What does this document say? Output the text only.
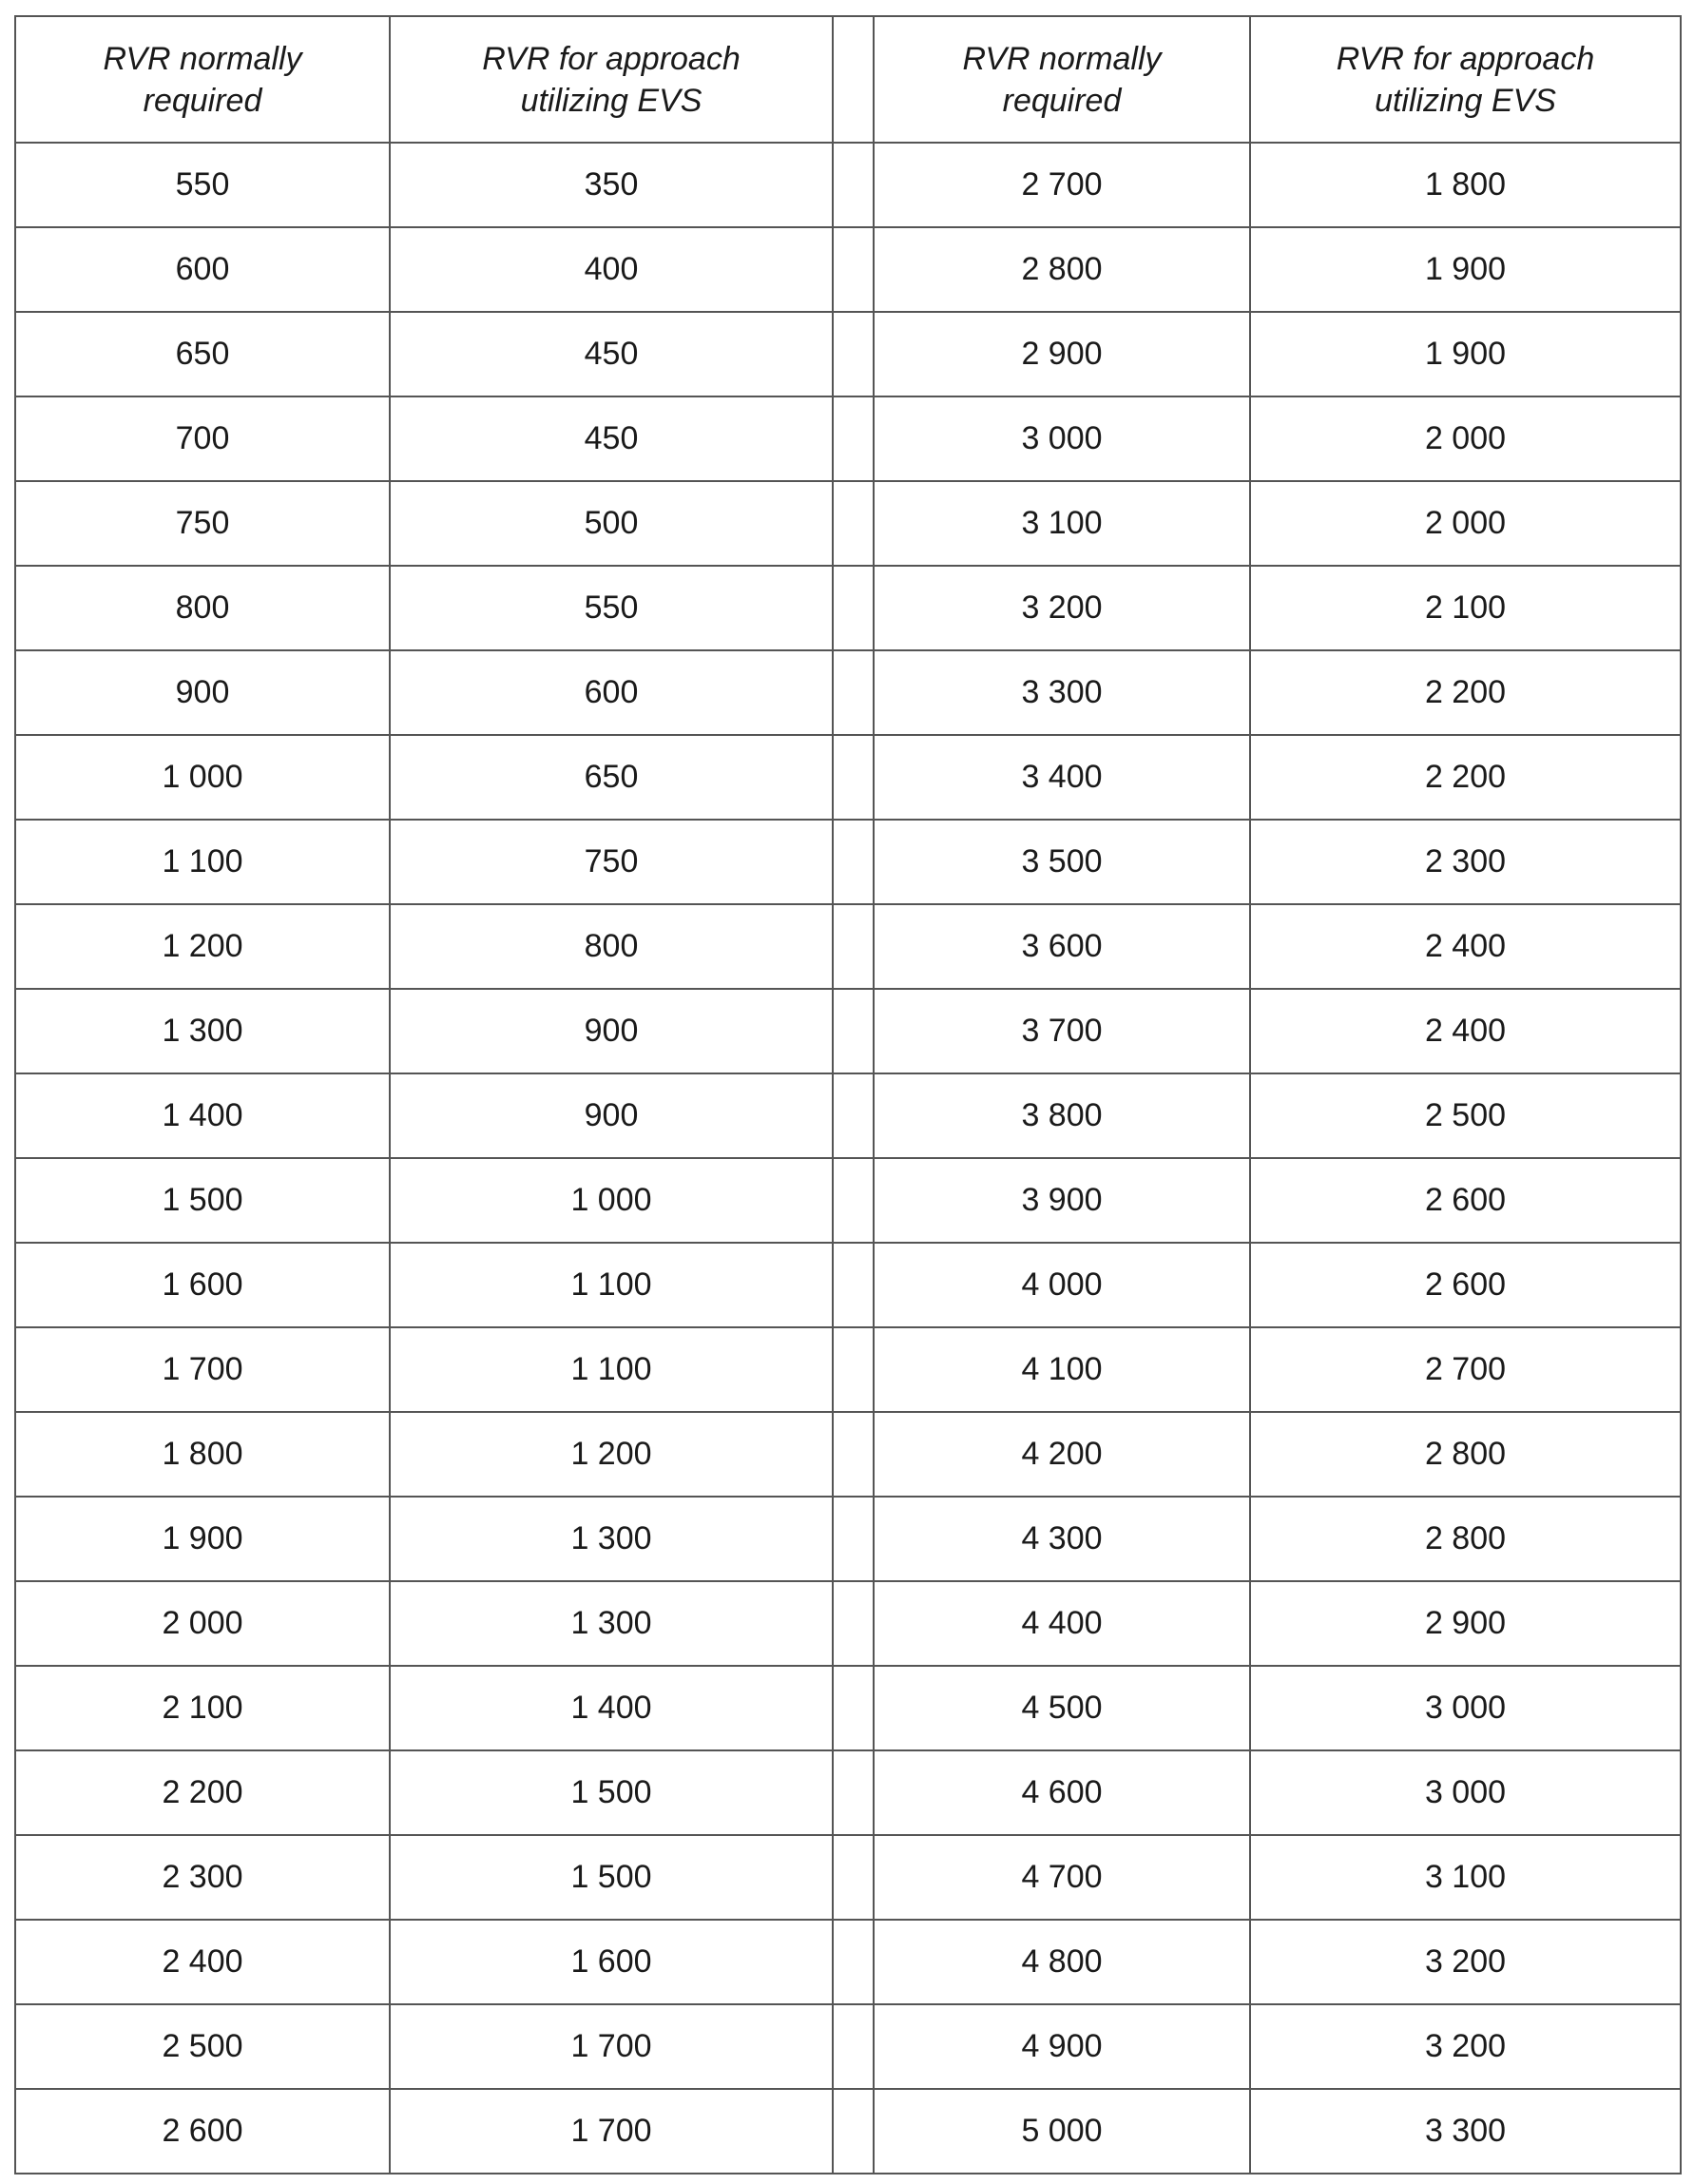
RVR normally
required	RVR for approach
utilizing EVS		RVR normally
required	RVR for approach
utilizing EVS

550	350		2 700	1 800
600	400		2 800	1 900
650	450		2 900	1 900
700	450		3 000	2 000
750	500		3 100	2 000
800	550		3 200	2 100
900	600		3 300	2 200
1 000	650		3 400	2 200
1 100	750		3 500	2 300
1 200	800		3 600	2 400
1 300	900		3 700	2 400
1 400	900		3 800	2 500
1 500	1 000		3 900	2 600
1 600	1 100		4 000	2 600
1 700	1 100		4 100	2 700
1 800	1 200		4 200	2 800
1 900	1 300		4 300	2 800
2 000	1 300		4 400	2 900
2 100	1 400		4 500	3 000
2 200	1 500		4 600	3 000
2 300	1 500		4 700	3 100
2 400	1 600		4 800	3 200
2 500	1 700		4 900	3 200
2 600	1 700		5 000	3 300
